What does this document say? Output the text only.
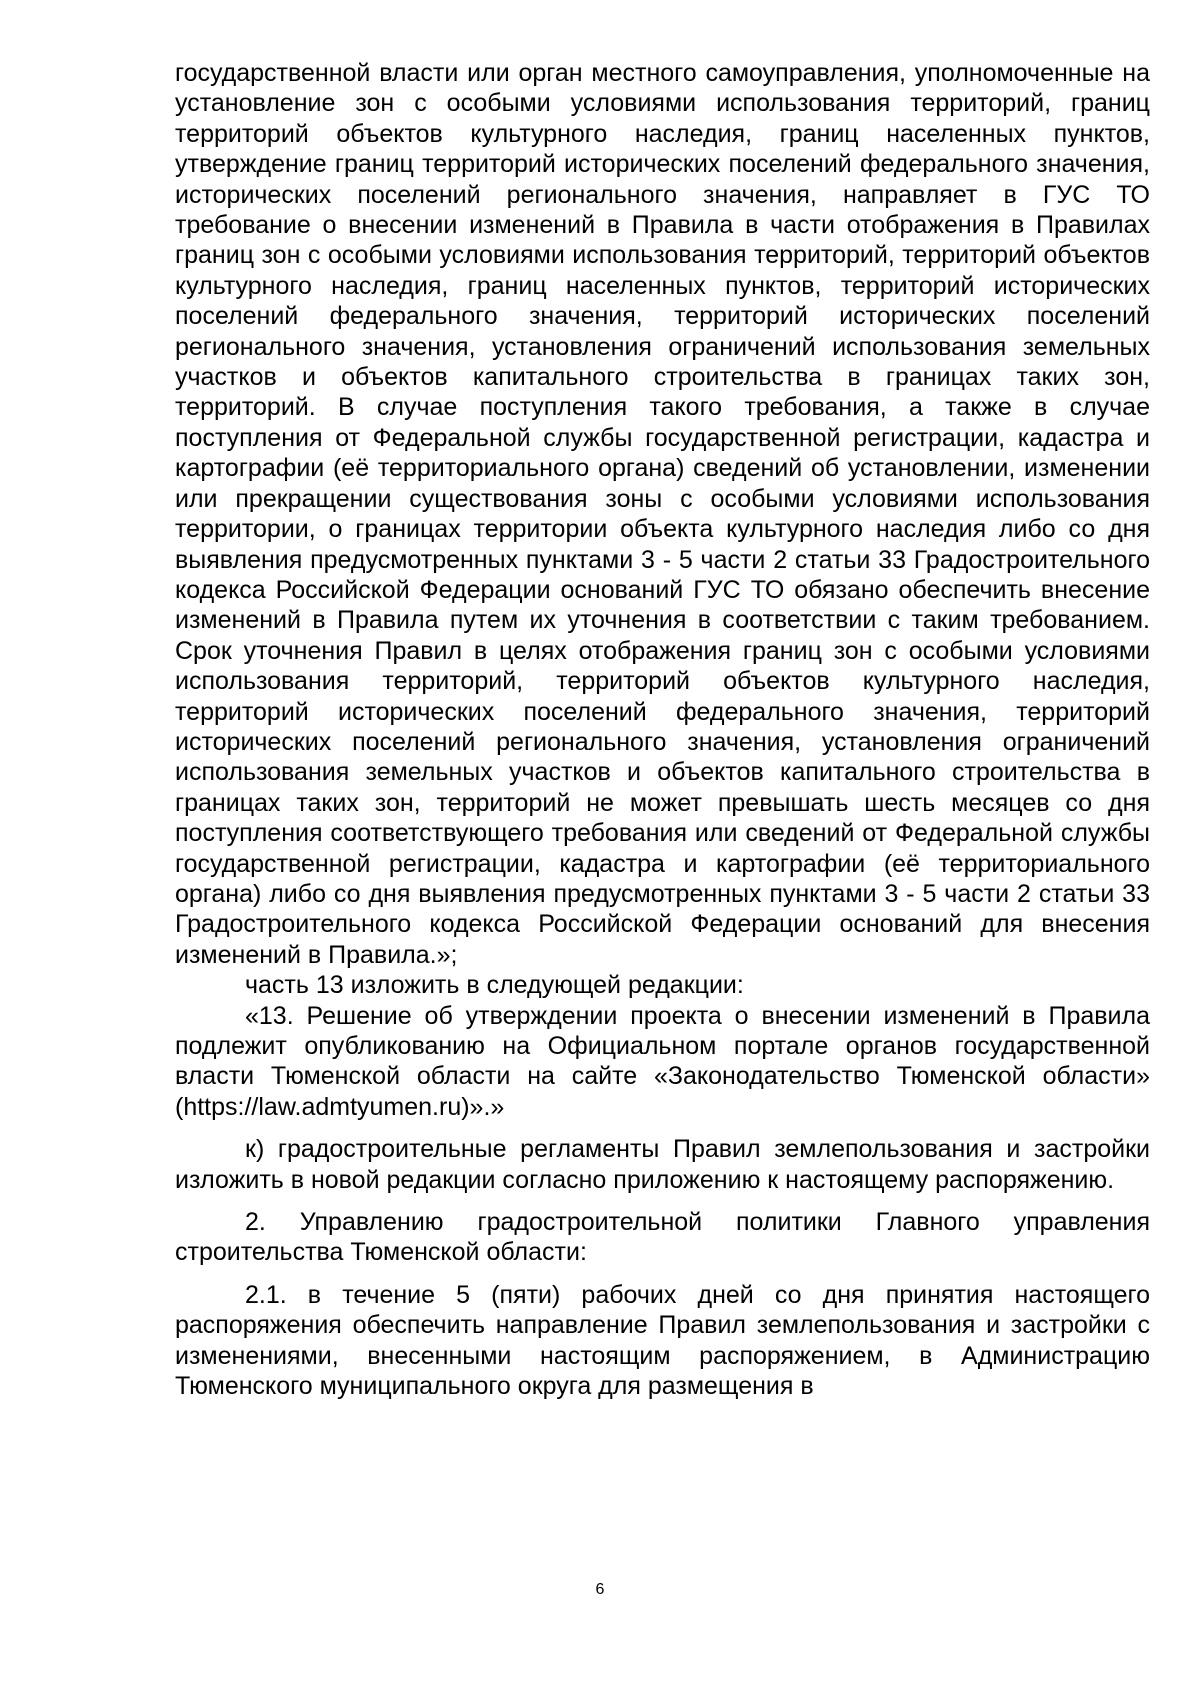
государственной власти или орган местного самоуправления, уполномоченные на установление зон с особыми условиями использования территорий, границ территорий объектов культурного наследия, границ населенных пунктов, утверждение границ территорий исторических поселений федерального значения, исторических поселений регионального значения, направляет в ГУС ТО требование о внесении изменений в Правила в части отображения в Правилах границ зон с особыми условиями использования территорий, территорий объектов культурного наследия, границ населенных пунктов, территорий исторических поселений федерального значения, территорий исторических поселений регионального значения, установления ограничений использования земельных участков и объектов капитального строительства в границах таких зон, территорий. В случае поступления такого требования, а также в случае поступления от Федеральной службы государственной регистрации, кадастра и картографии (её территориального органа) сведений об установлении, изменении или прекращении существования зоны с особыми условиями использования территории, о границах территории объекта культурного наследия либо со дня выявления предусмотренных пунктами 3 - 5 части 2 статьи 33 Градостроительного кодекса Российской Федерации оснований ГУС ТО обязано обеспечить внесение изменений в Правила путем их уточнения в соответствии с таким требованием. Срок уточнения Правил в целях отображения границ зон с особыми условиями использования территорий, территорий объектов культурного наследия, территорий исторических поселений федерального значения, территорий исторических поселений регионального значения, установления ограничений использования земельных участков и объектов капитального строительства в границах таких зон, территорий не может превышать шесть месяцев со дня поступления соответствующего требования или сведений от Федеральной службы государственной регистрации, кадастра и картографии (её территориального органа) либо со дня выявления предусмотренных пунктами 3 - 5 части 2 статьи 33 Градостроительного кодекса Российской Федерации оснований для внесения изменений в Правила.»;

часть 13 изложить в следующей редакции:

«13. Решение об утверждении проекта о внесении изменений в Правила подлежит опубликованию на Официальном портале органов государственной власти Тюменской области на сайте «Законодательство Тюменской области» (https://law.admtyumen.ru)».»

к) градостроительные регламенты Правил землепользования и застройки изложить в новой редакции согласно приложению к настоящему распоряжению.

2. Управлению градостроительной политики Главного управления строительства Тюменской области:

2.1. в течение 5 (пяти) рабочих дней со дня принятия настоящего распоряжения обеспечить направление Правил землепользования и застройки с изменениями, внесенными настоящим распоряжением, в Администрацию Тюменского муниципального округа для размещения в

6
